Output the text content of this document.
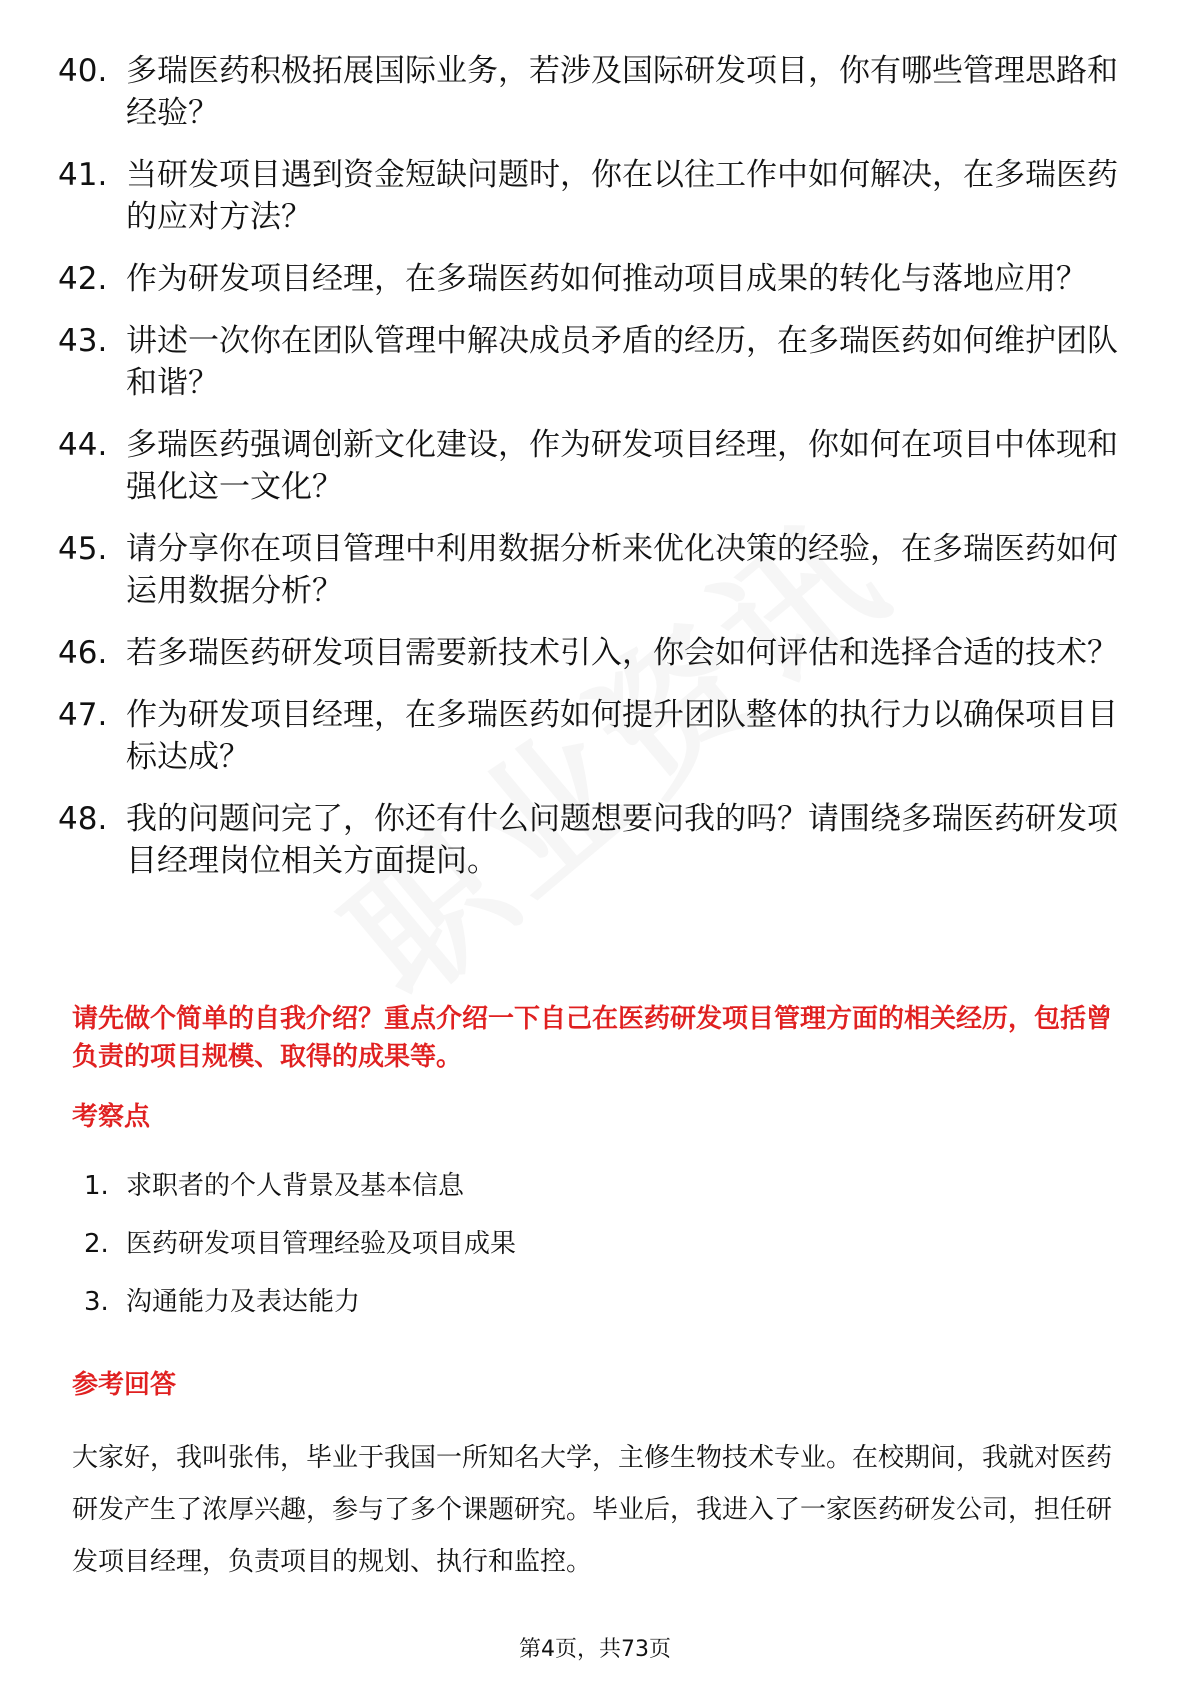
40. 多瑞医药积极拓展国际业务，若涉及国际研发项目，你有哪些管理思路和经验？
41. 当研发项目遇到资金短缺问题时，你在以往工作中如何解决，在多瑞医药的应对方法？
42. 作为研发项目经理，在多瑞医药如何推动项目成果的转化与落地应用？
43. 讲述一次你在团队管理中解决成员矛盾的经历，在多瑞医药如何维护团队和谐？
44. 多瑞医药强调创新文化建设，作为研发项目经理，你如何在项目中体现和强化这一文化？
45. 请分享你在项目管理中利用数据分析来优化决策的经验，在多瑞医药如何运用数据分析？
46. 若多瑞医药研发项目需要新技术引入，你会如何评估和选择合适的技术？
47. 作为研发项目经理，在多瑞医药如何提升团队整体的执行力以确保项目目标达成？
48. 我的问题问完了，你还有什么问题想要问我的吗？请围绕多瑞医药研发项目经理岗位相关方面提问。
请先做个简单的自我介绍？重点介绍一下自己在医药研发项目管理方面的相关经历，包括曾负责的项目规模、取得的成果等。
考察点
1. 求职者的个人背景及基本信息
2. 医药研发项目管理经验及项目成果
3. 沟通能力及表达能力
参考回答

大家好，我叫张伟，毕业于我国一所知名大学，主修生物技术专业。在校期间，我就对医药研发产生了浓厚兴趣，参与了多个课题研究。毕业后，我进入了一家医药研发公司，担任研发项目经理，负责项目的规划、执行和监控。

第4页，共73页
